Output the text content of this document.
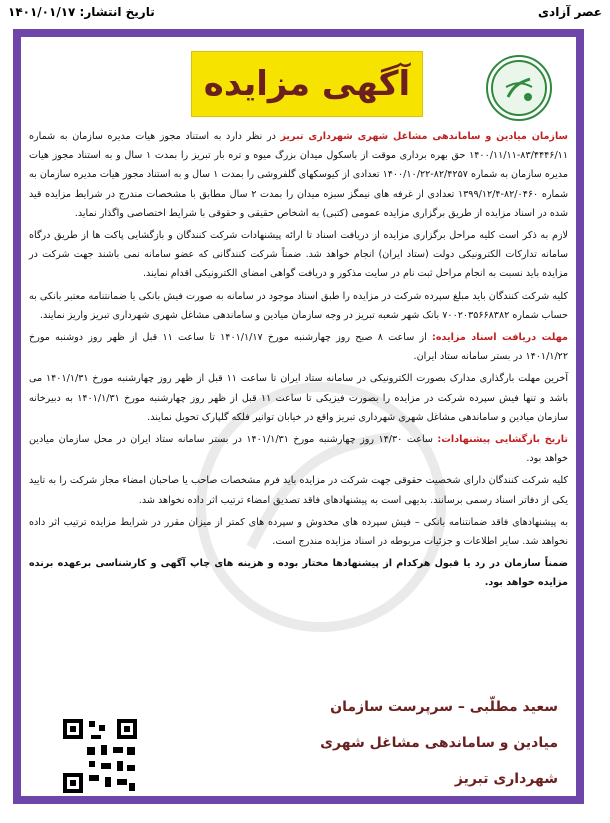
تاریخ انتشار: ۱۴۰۱/۰۱/۱۷	عصر آزادی
آگهی مزایده

سازمان میادین و ساماندهی مشاغل شهری شهرداری تبریز در نظر دارد به استناد مجوز هیات مدیره سازمان به شماره ۸۳/۴۴۴۶/۱۱-۱۴۰۰/۱۱/۱۱ حق بهره برداری موقت از باسکول میدان بزرگ میوه و تره بار تبریز را بمدت ۱ سال و به استناد مجوز هیات مدیره سازمان به شماره ۸۲/۴۲۵۷-۱۴۰۰/۱۰/۲۲ تعدادی از کیوسکهای گلفروشی را بمدت ۱ سال و به استناد مجوز هیات مدیره سازمان به شماره ۸۲/۰۴۶۰-۱۳۹۹/۱۲/۴ تعدادی از غرفه های نیمگز سبزه میدان را بمدت ۲ سال مطابق با مشخصات مندرج در شرایط مزایده قید شده در اسناد مزایده از طریق برگزاری مزایده عمومی (کتبی) به اشخاص حقیقی و حقوقی با شرایط اختصاصی واگذار نماید.

لازم به ذکر است کلیه مراحل برگزاری مزایده از دریافت اسناد تا ارائه پیشنهادات شرکت کنندگان و بازگشایی پاکت ها از طریق درگاه سامانه تدارکات الکترونیکی دولت (ستاد ایران) انجام خواهد شد. ضمناً شرکت کنندگانی که عضو سامانه نمی باشند جهت شرکت در مزایده باید نسبت به انجام مراحل ثبت نام در سایت مذکور و دریافت گواهی امضای الکترونیکی اقدام نمایند.

کلیه شرکت کنندگان باید مبلغ سپرده شرکت در مزایده را طبق اسناد موجود در سامانه به صورت فیش بانکی یا ضمانتنامه معتبر بانکی به حساب شماره ۷۰۰۲۰۳۵۶۶۸۳۸۲ بانک شهر شعبه تبریز در وجه سازمان میادین و ساماندهی مشاغل شهری شهرداری تبریز واریز نمایند.

مهلت دریافت اسناد مزایده: از ساعت ۸ صبح روز چهارشنبه مورخ ۱۴۰۱/۱/۱۷ تا ساعت ۱۱ قبل از ظهر روز دوشنبه مورخ ۱۴۰۱/۱/۲۲ در بستر سامانه ستاد ایران.

آخرین مهلت بارگذاری مدارک بصورت الکترونیکی در سامانه ستاد ایران تا ساعت ۱۱ قبل از ظهر روز چهارشنبه مورخ ۱۴۰۱/۱/۳۱ می باشد و تنها فیش سپرده شرکت در مزایده را بصورت فیزیکی تا ساعت ۱۱ قبل از ظهر روز چهارشنبه مورخ ۱۴۰۱/۱/۳۱ به دبیرخانه سازمان میادین و ساماندهی مشاغل شهری شهرداری تبریز واقع در خیابان توانیر فلکه گلپارک تحویل نمایند.

تاریخ بازگشایی پیشنهادات: ساعت ۱۴/۳۰ روز چهارشنبه مورخ ۱۴۰۱/۱/۳۱ در بستر سامانه ستاد ایران در محل سازمان میادین خواهد بود.

کلیه شرکت کنندگان دارای شخصیت حقوقی جهت شرکت در مزایده باید فرم مشخصات صاحب یا صاحبان امضاء مجاز شرکت را به تایید یکی از دفاتر اسناد رسمی برسانند. بدیهی است به پیشنهادهای فاقد تصدیق امضاء ترتیب اثر داده نخواهد شد.

به پیشنهادهای فاقد ضمانتنامه بانکی – فیش سپرده های مخدوش و سپرده های کمتر از میزان مقرر در شرایط مزایده ترتیب اثر داده نخواهد شد. سایر اطلاعات و جزئیات مربوطه در اسناد مزایده مندرج است.

ضمناً سازمان در رد یا قبول هرکدام از پیشنهادها مختار بوده و هزینه های چاپ آگهی و کارشناسی برعهده برنده مزایده خواهد بود.

سعید مطلّبی – سرپرست سازمان
میادین و ساماندهی مشاغل شهری
شهرداری تبریز
